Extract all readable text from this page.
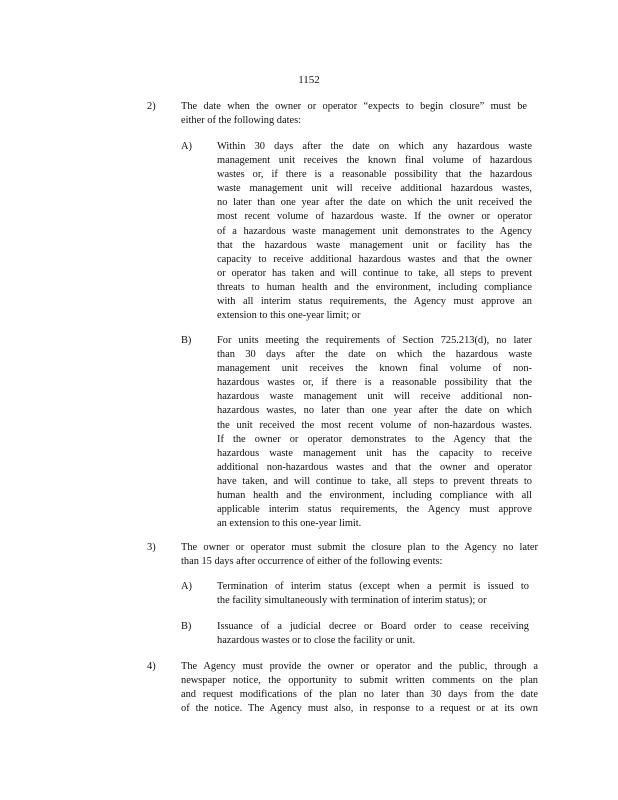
1152
2) The date when the owner or operator “expects to begin closure” must be
either of the following dates:
A) Within 30 days after the date on which any hazardous waste
management unit receives the known final volume of hazardous
wastes or, if there is a reasonable possibility that the hazardous
waste management unit will receive additional hazardous wastes,
no later than one year after the date on which the unit received the
most recent volume of hazardous waste. If the owner or operator
of a hazardous waste management unit demonstrates to the Agency
that the hazardous waste management unit or facility has the
capacity to receive additional hazardous wastes and that the owner
or operator has taken and will continue to take, all steps to prevent
threats to human health and the environment, including compliance
with all interim status requirements, the Agency must approve an
extension to this one-year limit; or
B) For units meeting the requirements of Section 725.213(d), no later
than 30 days after the date on which the hazardous waste
management unit receives the known final volume of non-
hazardous wastes or, if there is a reasonable possibility that the
hazardous waste management unit will receive additional non-
hazardous wastes, no later than one year after the date on which
the unit received the most recent volume of non-hazardous wastes.
If the owner or operator demonstrates to the Agency that the
hazardous waste management unit has the capacity to receive
additional non-hazardous wastes and that the owner and operator
have taken, and will continue to take, all steps to prevent threats to
human health and the environment, including compliance with all
applicable interim status requirements, the Agency must approve
an extension to this one-year limit.
3) The owner or operator must submit the closure plan to the Agency no later
than 15 days after occurrence of either of the following events:
A) Termination of interim status (except when a permit is issued to
the facility simultaneously with termination of interim status); or
B) Issuance of a judicial decree or Board order to cease receiving
hazardous wastes or to close the facility or unit.
4) The Agency must provide the owner or operator and the public, through a
newspaper notice, the opportunity to submit written comments on the plan
and request modifications of the plan no later than 30 days from the date
of the notice. The Agency must also, in response to a request or at its own
